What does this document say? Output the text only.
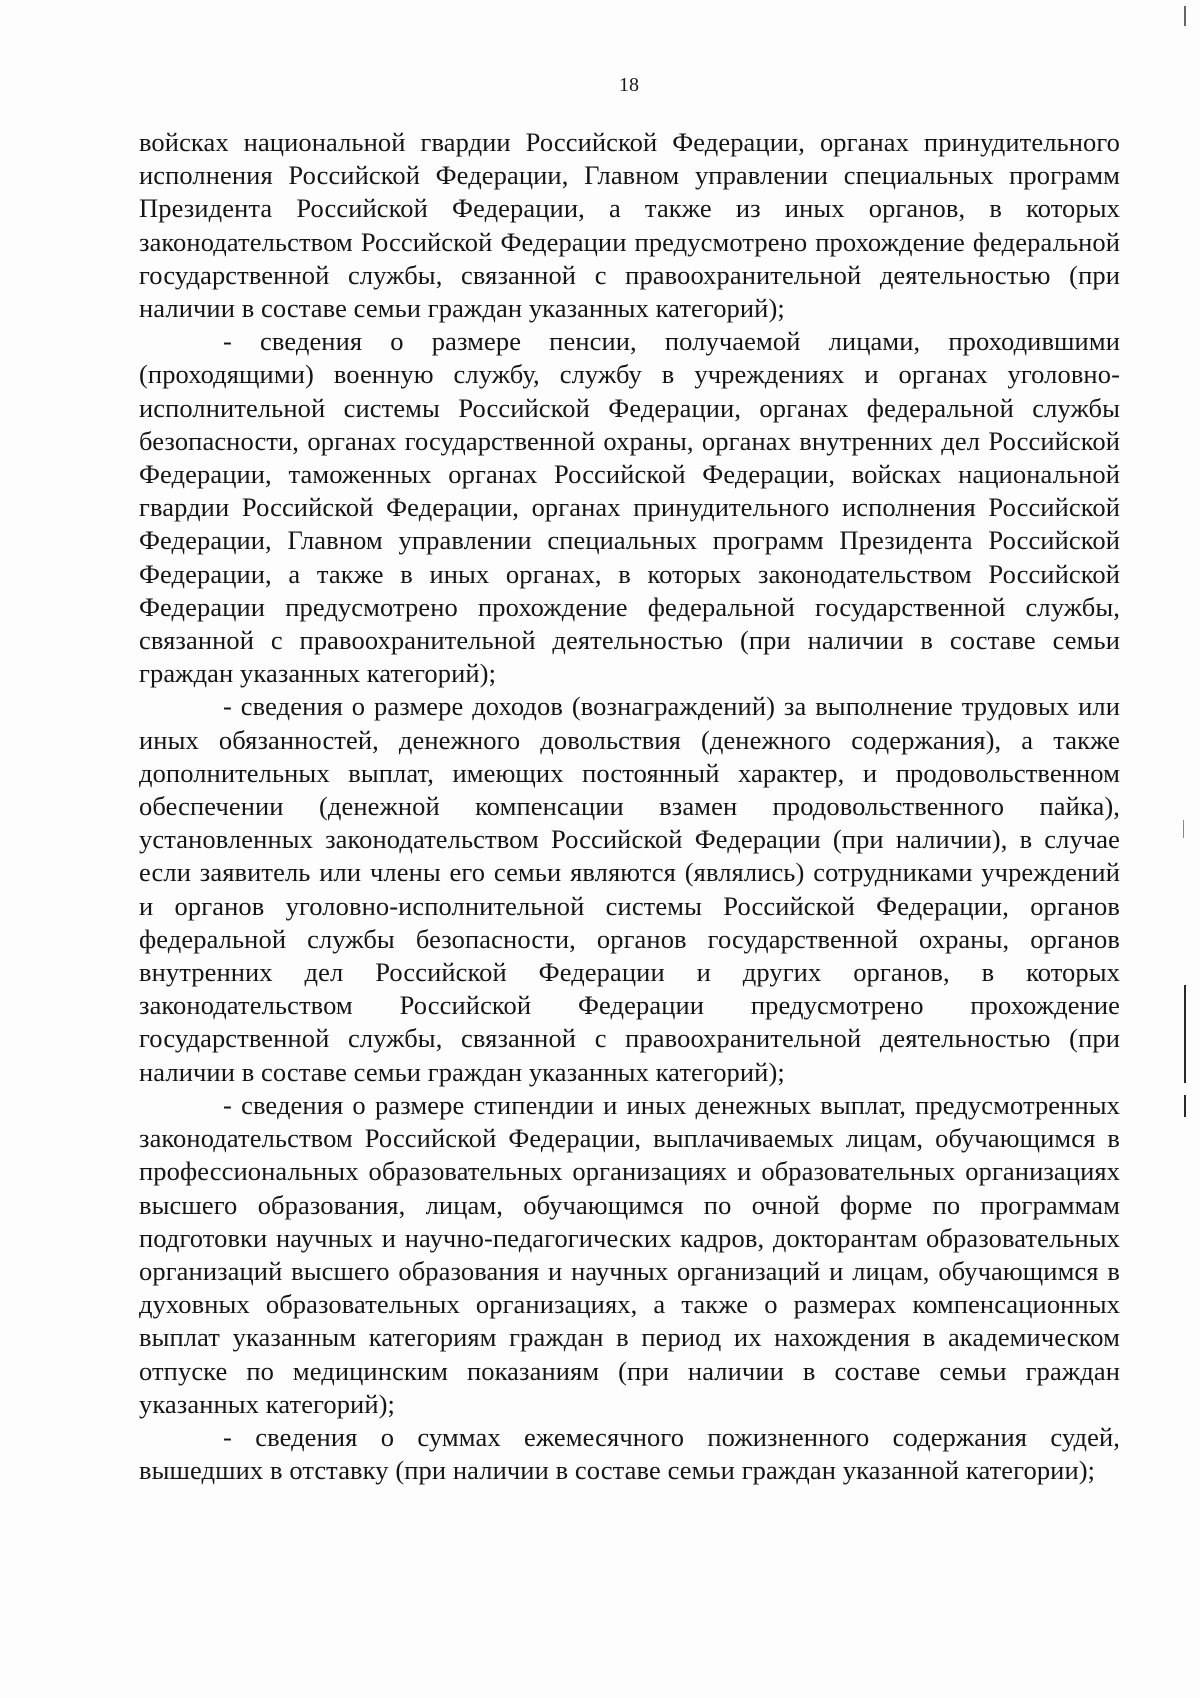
18

войсках национальной гвардии Российской Федерации, органах принудительного исполнения Российской Федерации, Главном управлении специальных программ Президента Российской Федерации, а также из иных органов, в которых законодательством Российской Федерации предусмотрено прохождение федеральной государственной службы, связанной с правоохранительной деятельностью (при наличии в составе семьи граждан указанных категорий);

- сведения о размере пенсии, получаемой лицами, проходившими (проходящими) военную службу, службу в учреждениях и органах уголовно-исполнительной системы Российской Федерации, органах федеральной службы безопасности, органах государственной охраны, органах внутренних дел Российской Федерации, таможенных органах Российской Федерации, войсках национальной гвардии Российской Федерации, органах принудительного исполнения Российской Федерации, Главном управлении специальных программ Президента Российской Федерации, а также в иных органах, в которых законодательством Российской Федерации предусмотрено прохождение федеральной государственной службы, связанной с правоохранительной деятельностью (при наличии в составе семьи граждан указанных категорий);

- сведения о размере доходов (вознаграждений) за выполнение трудовых или иных обязанностей, денежного довольствия (денежного содержания), а также дополнительных выплат, имеющих постоянный характер, и продовольственном обеспечении (денежной компенсации взамен продовольственного пайка), установленных законодательством Российской Федерации (при наличии), в случае если заявитель или члены его семьи являются (являлись) сотрудниками учреждений и органов уголовно-исполнительной системы Российской Федерации, органов федеральной службы безопасности, органов государственной охраны, органов внутренних дел Российской Федерации и других органов, в которых законодательством Российской Федерации предусмотрено прохождение государственной службы, связанной с правоохранительной деятельностью (при наличии в составе семьи граждан указанных категорий);

- сведения о размере стипендии и иных денежных выплат, предусмотренных законодательством Российской Федерации, выплачиваемых лицам, обучающимся в профессиональных образовательных организациях и образовательных организациях высшего образования, лицам, обучающимся по очной форме по программам подготовки научных и научно-педагогических кадров, докторантам образовательных организаций высшего образования и научных организаций и лицам, обучающимся в духовных образовательных организациях, а также о размерах компенсационных выплат указанным категориям граждан в период их нахождения в академическом отпуске по медицинским показаниям (при наличии в составе семьи граждан указанных категорий);

- сведения о суммах ежемесячного пожизненного содержания судей, вышедших в отставку (при наличии в составе семьи граждан указанной категории);
